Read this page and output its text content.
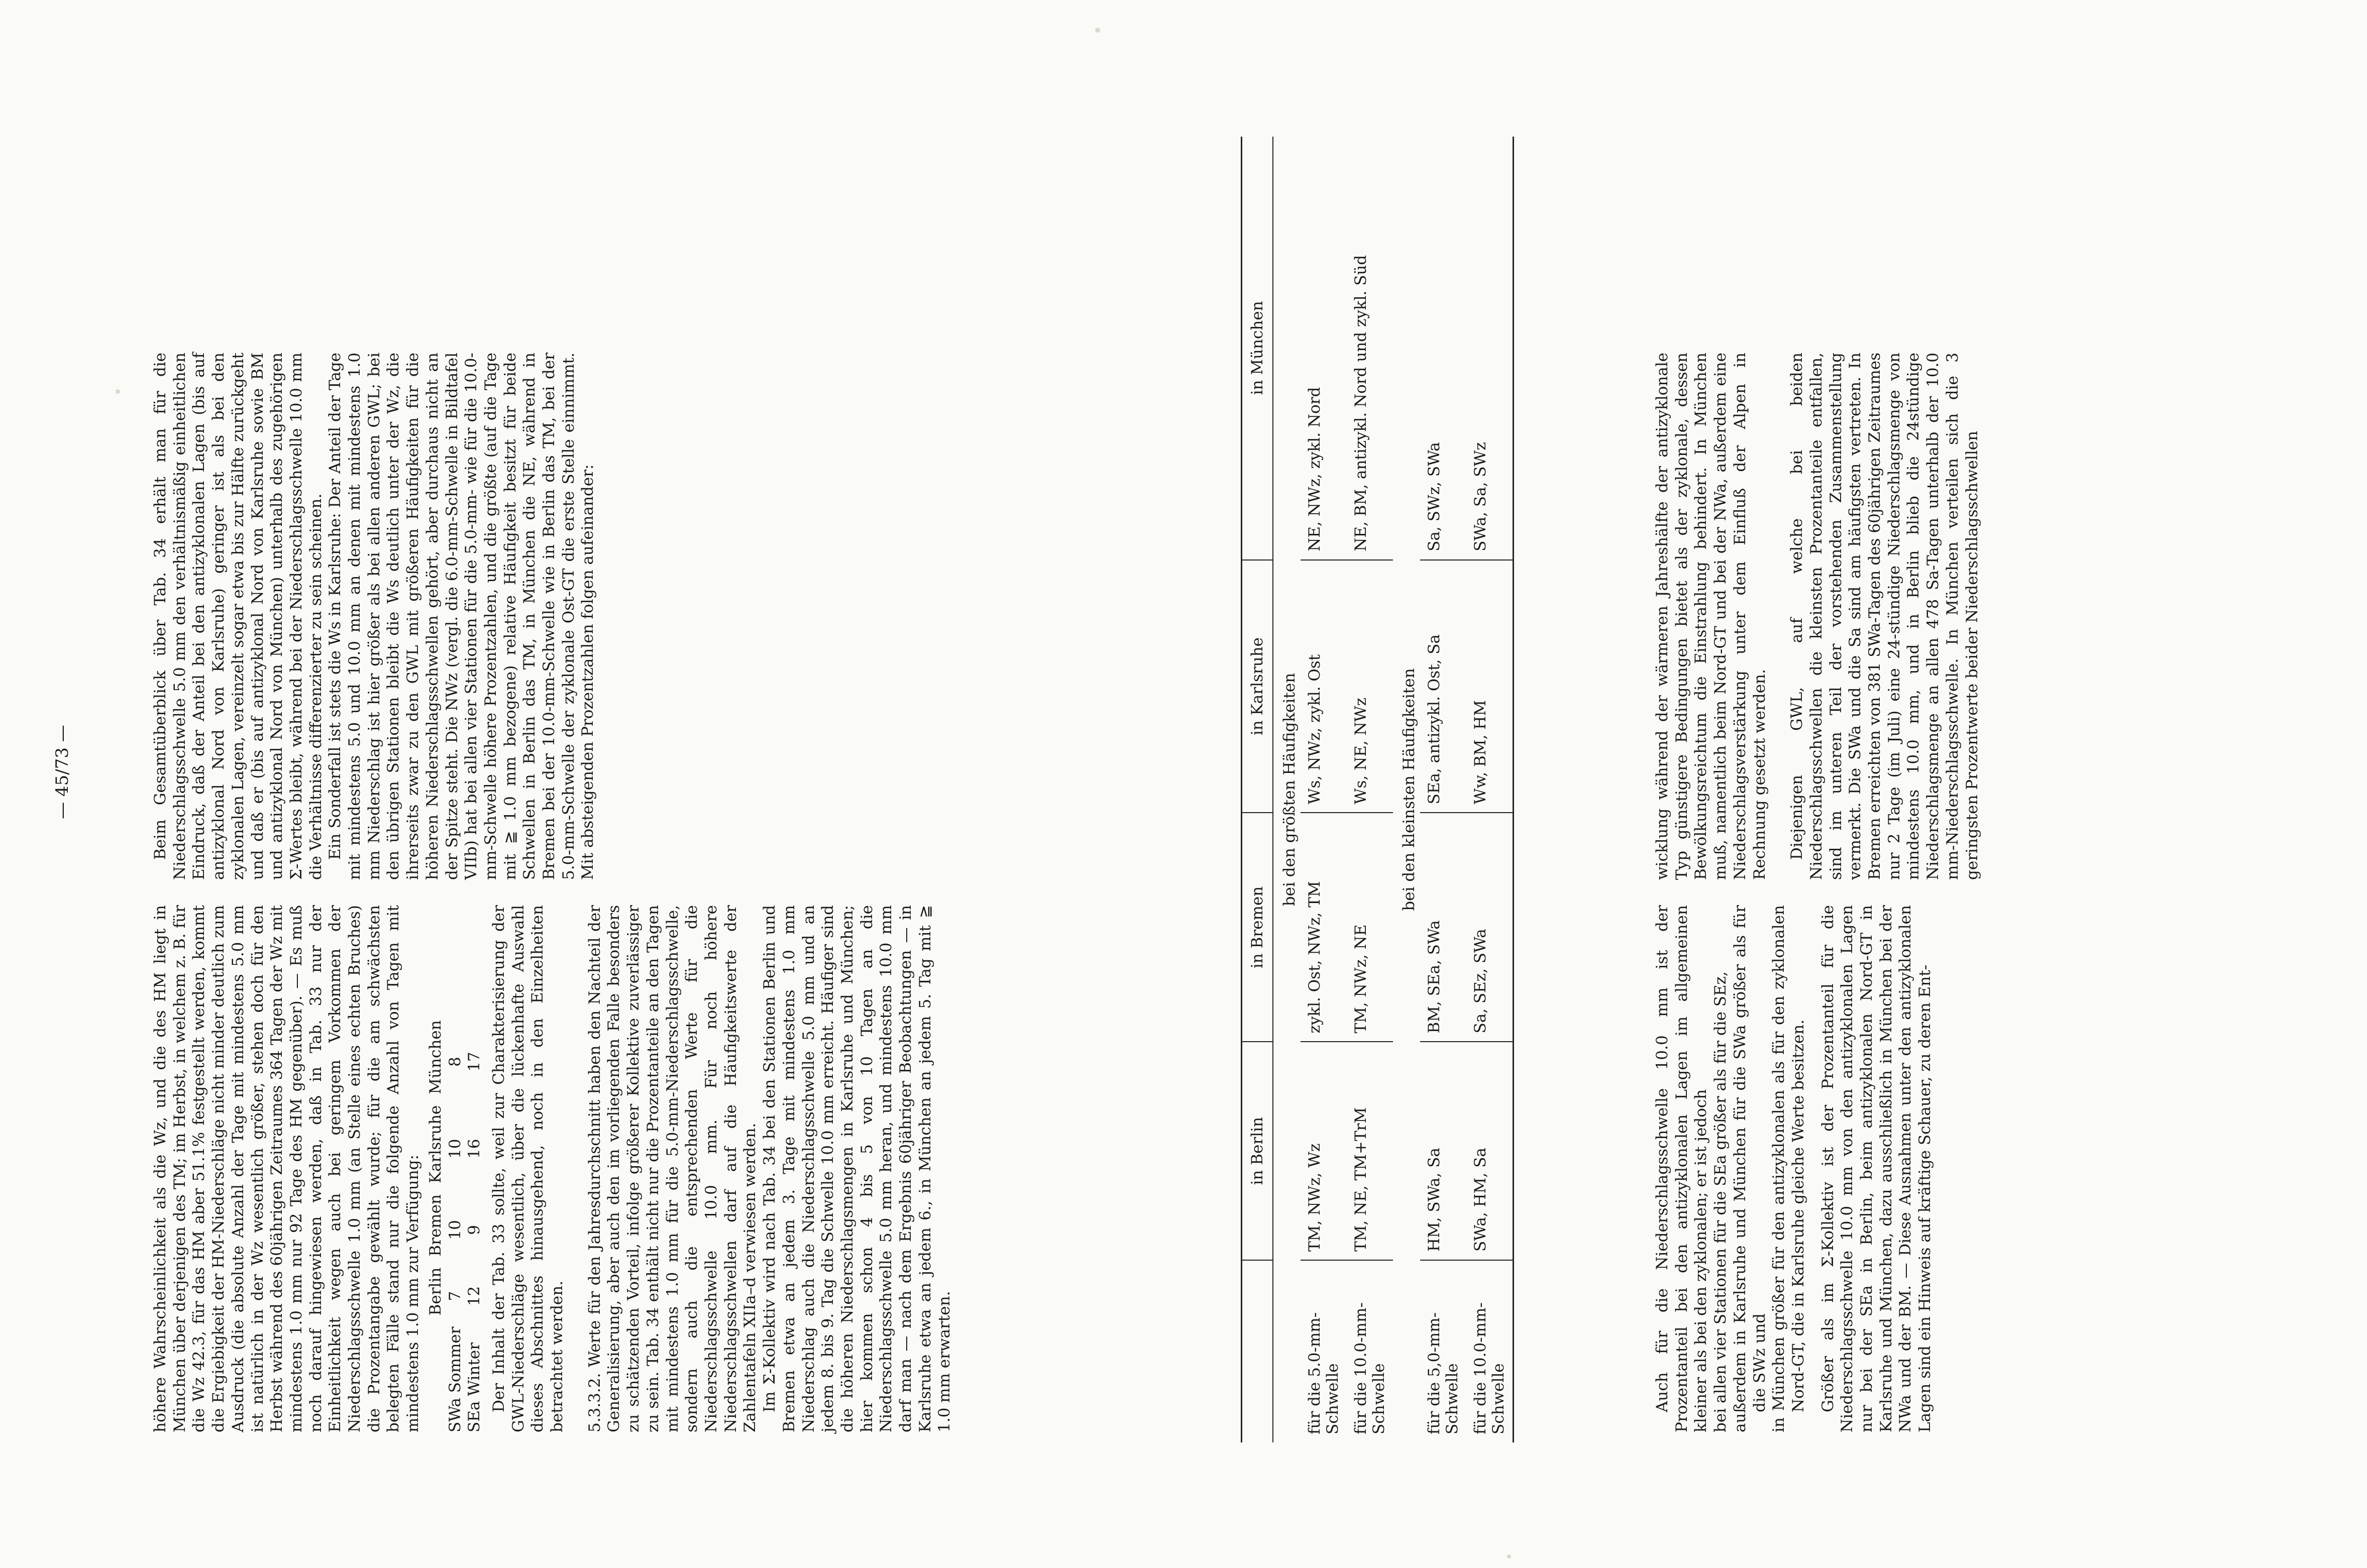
— 45/73 —

höhere Wahrscheinlichkeit als die Wz, und die des HM liegt in München über derjenigen des TM; im Herbst, in welchem z. B. für die Wz 42.3, für das HM aber 51.1% festgestellt werden, kommt die Ergiebigkeit der HM-Niederschläge nicht minder deutlich zum Ausdruck (die absolute Anzahl der Tage mit mindestens 5.0 mm ist natürlich in der Wz wesentlich größer, stehen doch für den Herbst während des 60jährigen Zeitraumes 364 Tagen der Wz mit mindestens 1.0 mm nur 92 Tage des HM gegenüber). — Es muß noch darauf hingewiesen werden, daß in Tab. 33 nur der Einheitlichkeit wegen auch bei geringem Vorkommen der Niederschlagsschwelle 1.0 mm (an Stelle eines echten Bruches) die Prozentangabe gewählt wurde; für die am schwächsten belegten Fälle stand nur die folgende Anzahl von Tagen mit mindestens 1.0 mm zur Verfügung:

	Berlin	Bremen	Karlsruhe	München
SWa Sommer	7	10	10	8
SEa Winter	12	9	16	17 Der Inhalt der Tab. 33 sollte, weil zur Charakterisierung der GWL-Niederschläge wesentlich, über die lückenhafte Auswahl dieses Abschnittes hinausgehend, noch in den Einzelheiten betrachtet werden. 5.3.3.2. Werte für den Jahresdurchschnitt haben den Nachteil der Generalisierung, aber auch den im vorliegenden Falle besonders zu schätzenden Vorteil, infolge größerer Kollektive zuverlässiger zu sein. Tab. 34 enthält nicht nur die Prozentanteile an den Tagen mit mindestens 1.0 mm für die 5.0-mm-Niederschlagsschwelle, sondern auch die entsprechenden Werte für die Niederschlagsschwelle 10.0 mm. Für noch höhere Niederschlagsschwellen darf auf die Häufigkeitswerte der Zahlentafeln XIIa–d verwiesen werden. Im Σ-Kollektiv wird nach Tab. 34 bei den Stationen Berlin und Bremen etwa an jedem 3. Tage mit mindestens 1.0 mm Niederschlag auch die Niederschlagsschwelle 5.0 mm und an jedem 8. bis 9. Tag die Schwelle 10.0 mm erreicht. Häufiger sind die höheren Niederschlagsmengen in Karlsruhe und München; hier kommen schon 4 bis 5 von 10 Tagen an die Niederschlagsschwelle 5.0 mm heran, und mindestens 10.0 mm darf man — nach dem Ergebnis 60jähriger Beobachtungen — in Karlsruhe etwa an jedem 6., in München an jedem 5. Tag mit ≧ 1.0 mm erwarten.

Beim Gesamtüberblick über Tab. 34 erhält man für die Niederschlagsschwelle 5.0 mm den verhältnismäßig einheitlichen Eindruck, daß der Anteil bei den antizyklonalen Lagen (bis auf antizyklonal Nord von Karlsruhe) geringer ist als bei den zyklonalen Lagen, vereinzelt sogar etwa bis zur Hälfte zurückgeht und daß er (bis auf antizyklonal Nord von Karlsruhe sowie BM und antizyklonal Nord von München) unterhalb des zugehörigen Σ-Wertes bleibt, während bei der Niederschlagsschwelle 10.0 mm die Verhältnisse differenzierter zu sein scheinen. Ein Sonderfall ist stets die Ws in Karlsruhe: Der Anteil der Tage mit mindestens 5.0 und 10.0 mm an denen mit mindestens 1.0 mm Niederschlag ist hier größer als bei allen anderen GWL; bei den übrigen Stationen bleibt die Ws deutlich unter der Wz, die ihrerseits zwar zu den GWL mit größeren Häufigkeiten für die höheren Niederschlagsschwellen gehört, aber durchaus nicht an der Spitze steht. Die NWz (vergl. die 6.0-mm-Schwelle in Bildtafel VIIb) hat bei allen vier Stationen für die 5.0-mm- wie für die 10.0-mm-Schwelle höhere Prozentzahlen, und die größte (auf die Tage mit ≧ 1.0 mm bezogene) relative Häufigkeit besitzt für beide Schwellen in Berlin das TM, in München die NE, während in Bremen bei der 10.0-mm-Schwelle wie in Berlin das TM, bei der 5.0-mm-Schwelle der zyklonale Ost-GT die erste Stelle einnimmt. Mit absteigenden Prozentzahlen folgen aufeinander:

	in Berlin	in Bremen	in Karlsruhe	in München
bei den größten Häufigkeiten				
für die 5.0-mm-Schwelle	TM, NWz, Wz	zykl. Ost, NWz, TM	Ws, NWz, zykl. Ost	NE, NWz, zykl. Nord
für die 10.0-mm-Schwelle	TM, NE, TM+TrM	TM, NWz, NE	Ws, NE, NWz	NE, BM, antizykl. Nord und zykl. Süd
bei den kleinsten Häufigkeiten				
für die 5,0-mm-Schwelle	HM, SWa, Sa	BM, SEa, SWa	SEa, antizykl. Ost, Sa	Sa, SWz, SWa
für die 10.0-mm-Schwelle	SWa, HM, Sa	Sa, SEz, SWa	Ww, BM, HM	SWa, Sa, SWz

Auch für die Niederschlagsschwelle 10.0 mm ist der Prozentanteil bei den antizyklonalen Lagen im allgemeinen kleiner als bei den zyklonalen; er ist jedoch bei allen vier Stationen für die SEa größer als für die SEz, außerdem in Karlsruhe und München für die SWa größer als für die SWz und in München größer für den antizyklonalen als für den zyklonalen Nord-GT, die in Karlsruhe gleiche Werte besitzen. Größer als im Σ-Kollektiv ist der Prozentanteil für die Niederschlagsschwelle 10.0 mm von den antizyklonalen Lagen nur bei der SEa in Berlin, beim antizyklonalen Nord-GT in Karlsruhe und München, dazu ausschließlich in München bei der NWa und der BM. — Diese Ausnahmen unter den antizyklonalen Lagen sind ein Hinweis auf kräftige Schauer, zu deren Ent-

wicklung während der wärmeren Jahreshälfte der antizyklonale Typ günstigere Bedingungen bietet als der zyklonale, dessen Bewölkungsreichtum die Einstrahlung behindert. In München muß, namentlich beim Nord-GT und bei der NWa, außerdem eine Niederschlagsverstärkung unter dem Einfluß der Alpen in Rechnung gesetzt werden. Diejenigen GWL, auf welche bei beiden Niederschlagsschwellen die kleinsten Prozentanteile entfallen, sind im unteren Teil der vorstehenden Zusammenstellung vermerkt. Die SWa und die Sa sind am häufigsten vertreten. In Bremen erreichten von 381 SWa-Tagen des 60jährigen Zeitraumes nur 2 Tage (im Juli) eine 24-stündige Niederschlagsmenge von mindestens 10.0 mm, und in Berlin blieb die 24stündige Niederschlagsmenge an allen 478 Sa-Tagen unterhalb der 10.0 mm-Niederschlagsschwelle. In München verteilen sich die 3 geringsten Prozentwerte beider Niederschlagsschwellen
